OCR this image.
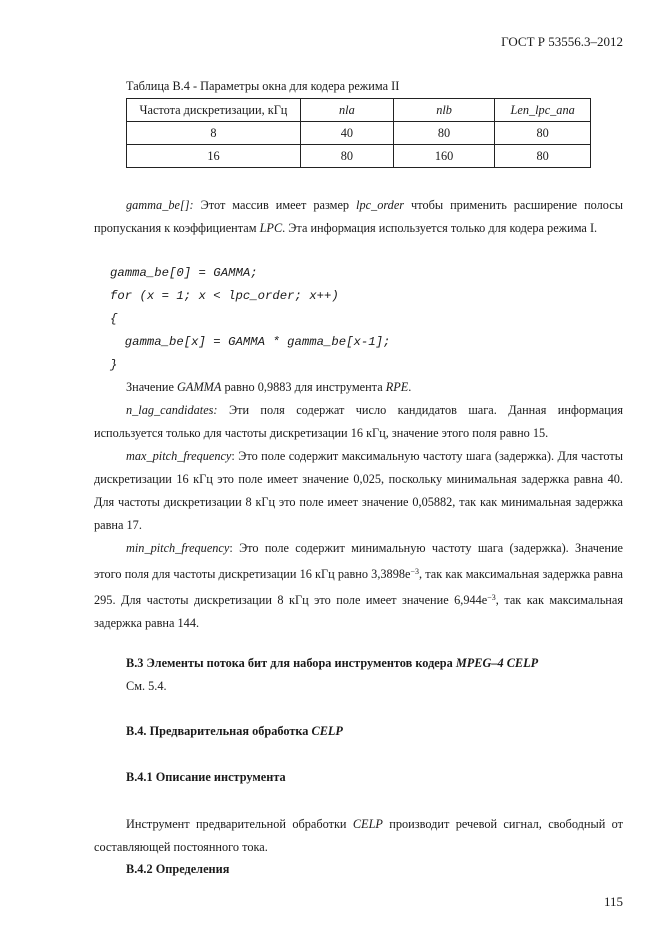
ГОСТ Р 53556.3–2012
Таблица В.4 - Параметры окна для кодера режима II
Частота дискретизации, кГц	nla	nlb	Len_lpc_ana
8	40	80	80
16	80	160	80
gamma_be[]: Этот массив имеет размер lpc_order чтобы применить расширение полосы пропускания к коэффициентам LPC. Эта информация используется только для кодера режима I.
gamma_be[0] = GAMMA;
for (x = 1; x < lpc_order; x++)
{
gamma_be[x] = GAMMA * gamma_be[x-1];
}
Значение GAMMA равно 0,9883 для инструмента RPE.
n_lag_candidates: Эти поля содержат число кандидатов шага. Данная информация используется только для частоты дискретизации 16 кГц, значение этого поля равно 15.
max_pitch_frequency: Это поле содержит максимальную частоту шага (задержка). Для частоты дискретизации 16 кГц это поле имеет значение 0,025, поскольку минимальная задержка равна 40. Для частоты дискретизации 8 кГц это поле имеет значение 0,05882, так как минимальная задержка равна 17.
min_pitch_frequency: Это поле содержит минимальную частоту шага (задержка). Значение этого поля для частоты дискретизации 16 кГц равно $3,3898e^{-3}$, так как максимальная задержка равна 295. Для частоты дискретизации 8 кГц это поле имеет значение $6,944e^{-3}$, так как максимальная задержка равна 144.
В.3 Элементы потока бит для набора инструментов кодера MPEG–4 CELP
См. 5.4.
В.4. Предварительная обработка CELP
В.4.1 Описание инструмента
Инструмент предварительной обработки CELP производит речевой сигнал, свободный от составляющей постоянного тока.
В.4.2 Определения
115
